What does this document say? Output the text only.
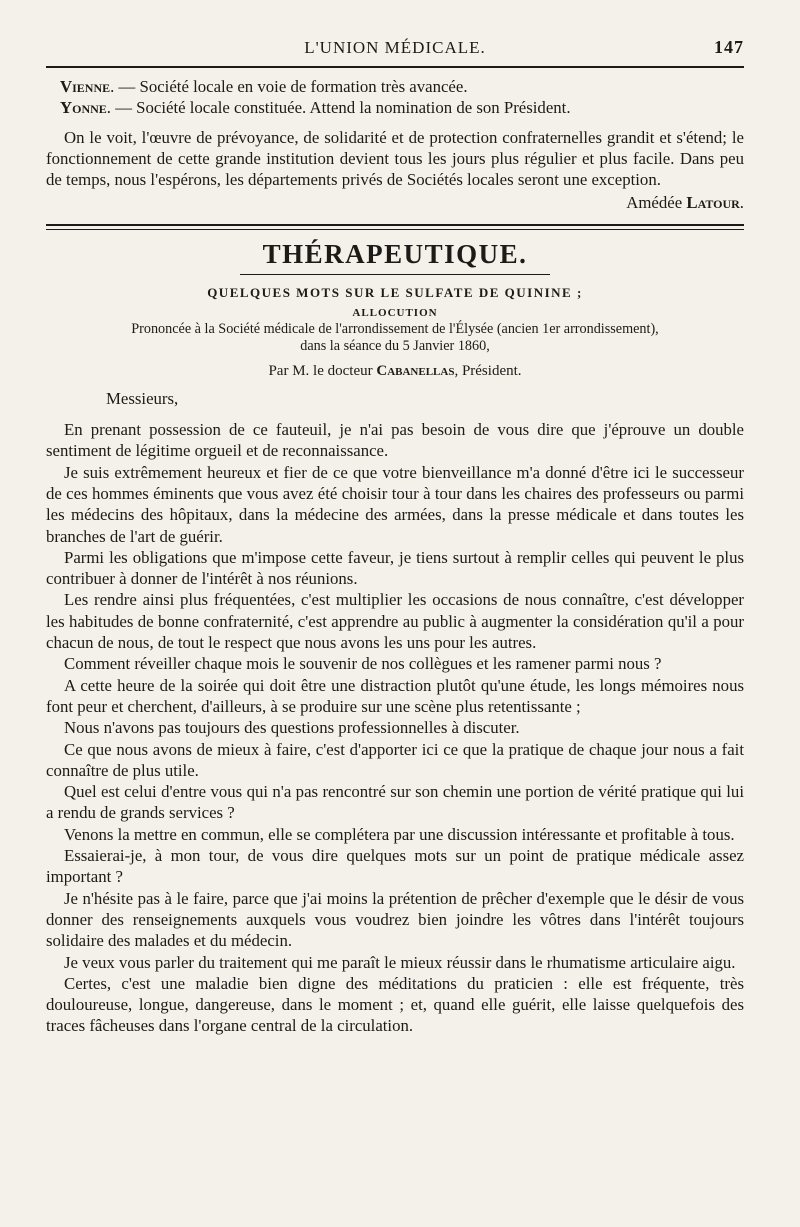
L'UNION MÉDICALE.	147

Vienne. — Société locale en voie de formation très avancée.

Yonne. — Société locale constituée. Attend la nomination de son Président.

On le voit, l'œuvre de prévoyance, de solidarité et de protection confraternelles grandit et s'étend; le fonctionnement de cette grande institution devient tous les jours plus régulier et plus facile. Dans peu de temps, nous l'espérons, les départements privés de Sociétés locales seront une exception.

Amédée Latour.

THÉRAPEUTIQUE.
QUELQUES MOTS SUR LE SULFATE DE QUININE ;
ALLOCUTION
Prononcée à la Société médicale de l'arrondissement de l'Élysée (ancien 1er arrondissement),
dans la séance du 5 Janvier 1860,
Par M. le docteur Cabanellas, Président.

Messieurs,

En prenant possession de ce fauteuil, je n'ai pas besoin de vous dire que j'éprouve un double sentiment de légitime orgueil et de reconnaissance.

Je suis extrêmement heureux et fier de ce que votre bienveillance m'a donné d'être ici le successeur de ces hommes éminents que vous avez été choisir tour à tour dans les chaires des professeurs ou parmi les médecins des hôpitaux, dans la médecine des armées, dans la presse médicale et dans toutes les branches de l'art de guérir.

Parmi les obligations que m'impose cette faveur, je tiens surtout à remplir celles qui peuvent le plus contribuer à donner de l'intérêt à nos réunions.

Les rendre ainsi plus fréquentées, c'est multiplier les occasions de nous connaître, c'est développer les habitudes de bonne confraternité, c'est apprendre au public à augmenter la considération qu'il a pour chacun de nous, de tout le respect que nous avons les uns pour les autres.

Comment réveiller chaque mois le souvenir de nos collègues et les ramener parmi nous ?

A cette heure de la soirée qui doit être une distraction plutôt qu'une étude, les longs mémoires nous font peur et cherchent, d'ailleurs, à se produire sur une scène plus retentissante ;

Nous n'avons pas toujours des questions professionnelles à discuter.

Ce que nous avons de mieux à faire, c'est d'apporter ici ce que la pratique de chaque jour nous a fait connaître de plus utile.

Quel est celui d'entre vous qui n'a pas rencontré sur son chemin une portion de vérité pratique qui lui a rendu de grands services ?

Venons la mettre en commun, elle se complétera par une discussion intéressante et profitable à tous.

Essaierai-je, à mon tour, de vous dire quelques mots sur un point de pratique médicale assez important ?

Je n'hésite pas à le faire, parce que j'ai moins la prétention de prêcher d'exemple que le désir de vous donner des renseignements auxquels vous voudrez bien joindre les vôtres dans l'intérêt toujours solidaire des malades et du médecin.

Je veux vous parler du traitement qui me paraît le mieux réussir dans le rhumatisme articulaire aigu.

Certes, c'est une maladie bien digne des méditations du praticien : elle est fréquente, très douloureuse, longue, dangereuse, dans le moment ; et, quand elle guérit, elle laisse quelquefois des traces fâcheuses dans l'organe central de la circulation.
